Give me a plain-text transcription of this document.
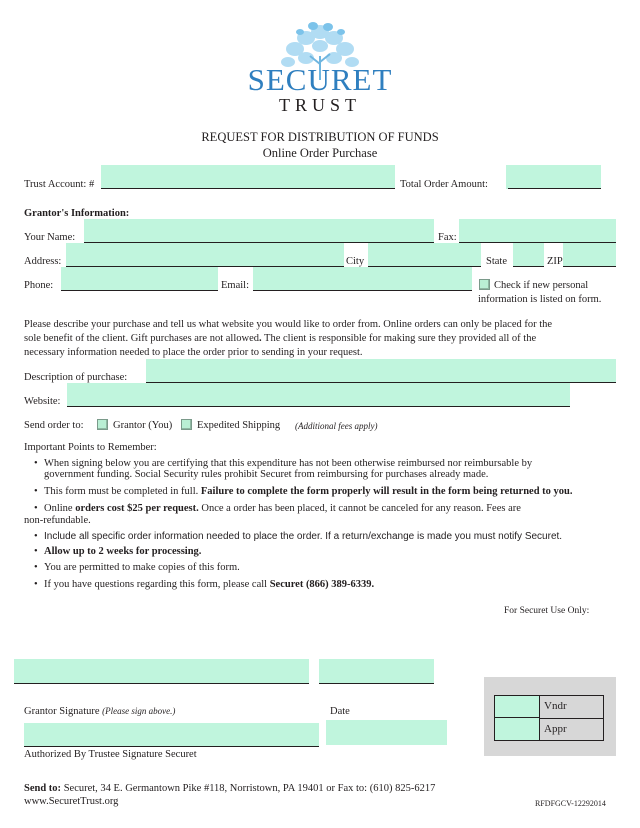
SECURET
TRUST
REQUEST FOR DISTRIBUTION OF FUNDS
Online Order Purchase
Trust Account: #	Total Order Amount:
Grantor's Information:
Your Name:	Fax:
Address:	City	State	ZIP
Phone:	Email:	Check if new personal
information is listed on form.
Please describe your purchase and tell us what website you would like to order from. Online orders can only be placed for the
sole benefit of the client. Gift purchases are not allowed. The client is responsible for making sure they provided all of the
necessary information needed to place the order prior to sending in your request.
Description of purchase:
Website:
Send order to:	Grantor (You) Expedited Shipping (Additional fees apply)
Important Points to Remember:
• When signing below you are certifying that this expenditure has not been otherwise reimbursed nor reimbursable by
government funding. Social Security rules prohibit Securet from reimbursing for purchases already made.
• This form must be completed in full. Failure to complete the form properly will result in the form being returned to you.
• Online orders cost $25 per request. Once a order has been placed, it cannot be canceled for any reason. Fees are
non-refundable.
• Include all specific order information needed to place the order. If a return/exchange is made you must notify Securet.
• Allow up to 2 weeks for processing.
• You are permitted to make copies of this form.
• If you have questions regarding this form, please call Securet (866) 389-6339.
For Securet Use Only:
Grantor Signature (Please sign above.)	Date
Authorized By Trustee Signature Securet
Vndr
Appr
Send to: Securet, 34 E. Germantown Pike #118, Norristown, PA 19401 or Fax to: (610) 825-6217
www.SecuretTrust.org	RFDFGCV-12292014
